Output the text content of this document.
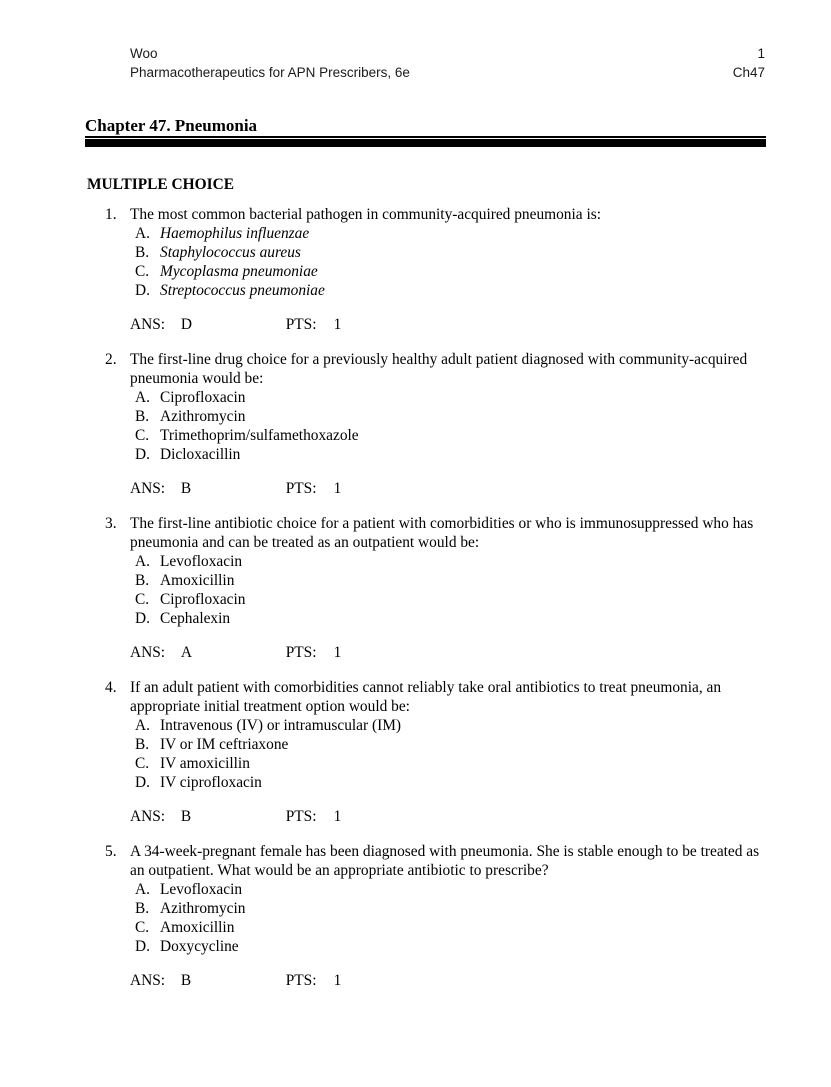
Woo
Pharmacotherapeutics for APN Prescribers, 6e
1
Ch47
Chapter 47. Pneumonia
MULTIPLE CHOICE
1. The most common bacterial pathogen in community-acquired pneumonia is:
A. Haemophilus influenzae
B. Staphylococcus aureus
C. Mycoplasma pneumoniae
D. Streptococcus pneumoniae
ANS: D	PTS: 1
2. The first-line drug choice for a previously healthy adult patient diagnosed with community-acquired pneumonia would be:
A. Ciprofloxacin
B. Azithromycin
C. Trimethoprim/sulfamethoxazole
D. Dicloxacillin
ANS: B	PTS: 1
3. The first-line antibiotic choice for a patient with comorbidities or who is immunosuppressed who has pneumonia and can be treated as an outpatient would be:
A. Levofloxacin
B. Amoxicillin
C. Ciprofloxacin
D. Cephalexin
ANS: A	PTS: 1
4. If an adult patient with comorbidities cannot reliably take oral antibiotics to treat pneumonia, an appropriate initial treatment option would be:
A. Intravenous (IV) or intramuscular (IM)
B. IV or IM ceftriaxone
C. IV amoxicillin
D. IV ciprofloxacin
ANS: B	PTS: 1
5. A 34-week-pregnant female has been diagnosed with pneumonia. She is stable enough to be treated as an outpatient. What would be an appropriate antibiotic to prescribe?
A. Levofloxacin
B. Azithromycin
C. Amoxicillin
D. Doxycycline
ANS: B	PTS: 1
